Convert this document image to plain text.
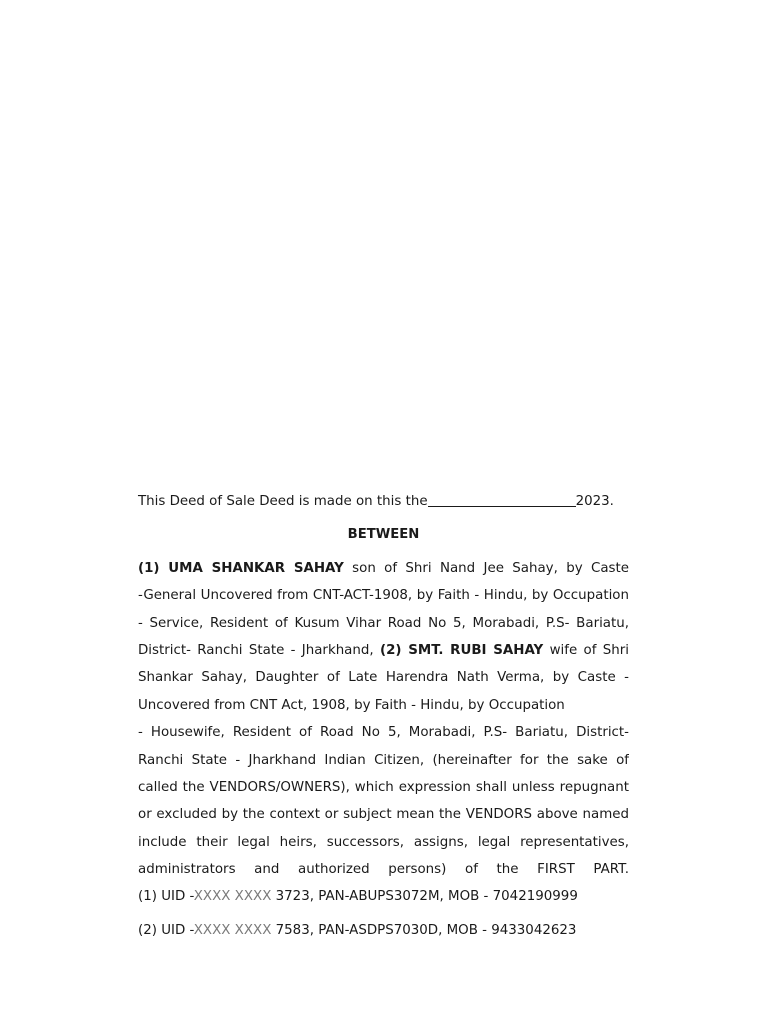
This Deed of Sale Deed is made on this the	2023.
BETWEEN
(1) UMA SHANKAR SAHAY son of Shri Nand Jee Sahay, by Caste
-General Uncovered from CNT-ACT-1908, by Faith - Hindu, by Occupation
- Service, Resident of Kusum Vihar Road No 5, Morabadi, P.S- Bariatu,
District- Ranchi State - Jharkhand, (2) SMT. RUBI SAHAY wife of Shri
Shankar Sahay, Daughter of Late Harendra Nath Verma, by Caste -
Uncovered from CNT Act, 1908, by Faith - Hindu, by Occupation
- Housewife, Resident of Road No 5, Morabadi, P.S- Bariatu, District-
Ranchi State - Jharkhand Indian Citizen, (hereinafter for the sake of
called the VENDORS/OWNERS), which expression shall unless repugnant
or excluded by the context or subject mean the VENDORS above named
include their legal heirs, successors, assigns, legal representatives,
administrators and authorized persons) of the FIRST PART.
(1) UID -XXXX XXXX 3723, PAN-ABUPS3072M, MOB - 7042190999
(2) UID -XXXX XXXX 7583, PAN-ASDPS7030D, MOB - 9433042623
